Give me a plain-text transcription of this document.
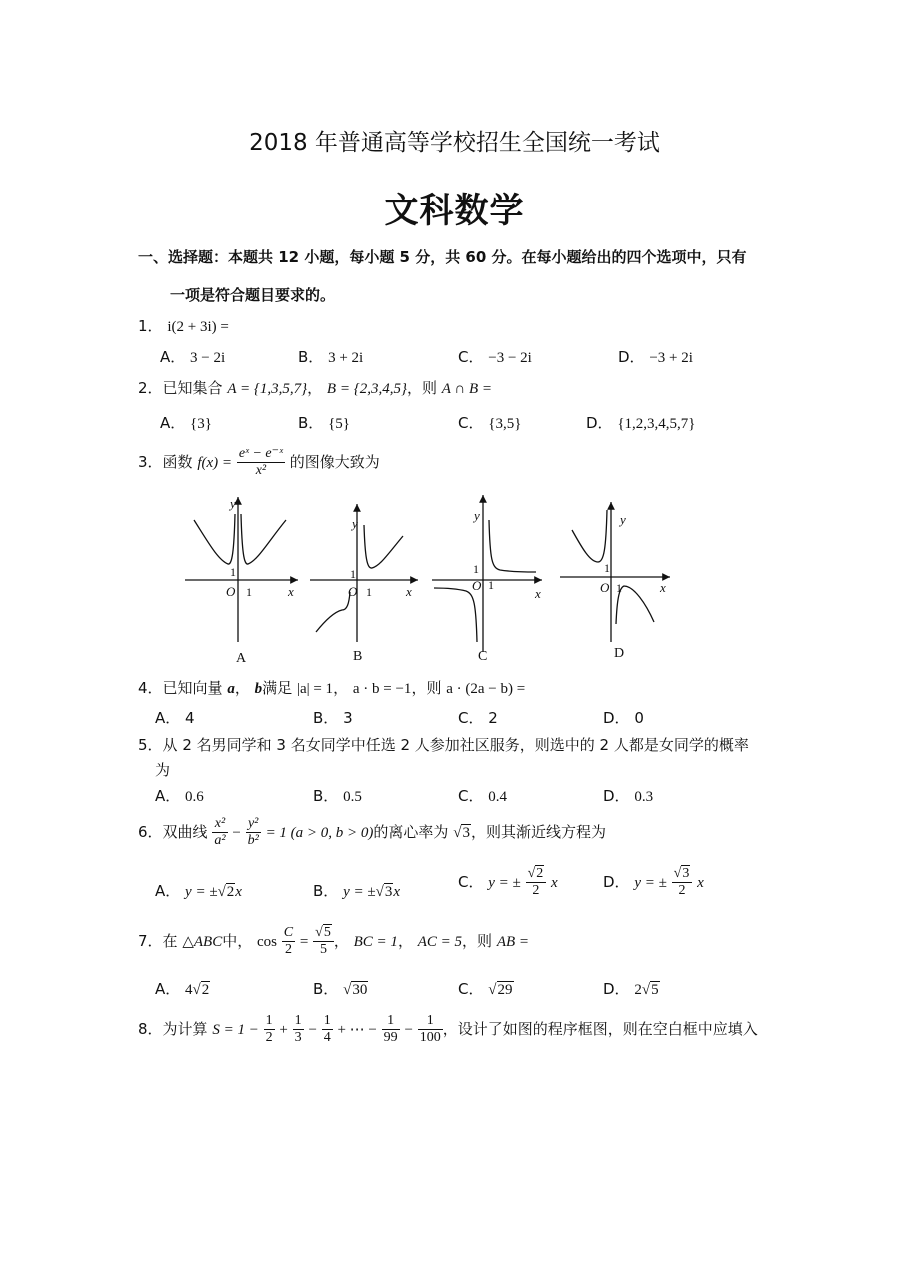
2018 年普通高等学校招生全国统一考试
文科数学
一、选择题：本题共 12 小题，每小题 5 分，共 60 分。在每小题给出的四个选项中，只有
一项是符合题目要求的。
1． i(2 + 3i) =
A． 3 − 2i	B． 3 + 2i	C． −3 − 2i	D． −3 + 2i
2．已知集合 A = {1,3,5,7}， B = {2,3,4,5}，则 A ∩ B =
A． {3}	B． {5}	C． {3,5}	D． {1,2,3,4,5,7}
3．函数 $f(x) = \frac{\text{eˣ − e⁻ˣ}}{\text{x²}}$ 的图像大致为
y
x
O
y
x
O
y
x
O
y
x
O
1
1
1
1
1
1
1
1
A	B	C	D
4．已知向量 a， b满足 |a| = 1， a · b = −1，则 a · (2a − b) =
A． 4	B． 3	C． 2	D． 0
5．从 2 名男同学和 3 名女同学中任选 2 人参加社区服务，则选中的 2 人都是女同学的概率
为
A． 0.6	B． 0.5	C． 0.4	D． 0.3
6．双曲线 $\frac{\text{x²}}{\text{a²}} - \frac{\text{y²}}{\text{b²}} = 1$ (a > 0, b > 0)的离心率为 √3，则其渐近线方程为
A． y = ±√2x	B． y = ±√3x
C． y = ± $\frac{√2}{2}$ x	D． y = ± $\frac{√3}{2}$ x
7．在 △ABC中， $\cos \frac{C}{2} = \frac{√5}{5}$ ， BC = 1， AC = 5，则 AB =
A． 4√2	B． √30	C． √29	D． 2√5
8．为计算 $S = 1 - \frac{1}{2} + \frac{1}{3} - \frac{1}{4}$ + ⋯ − $\frac{1}{99} - \frac{1}{100}$ ，设计了如图的程序框图，则在空白框中应填入
